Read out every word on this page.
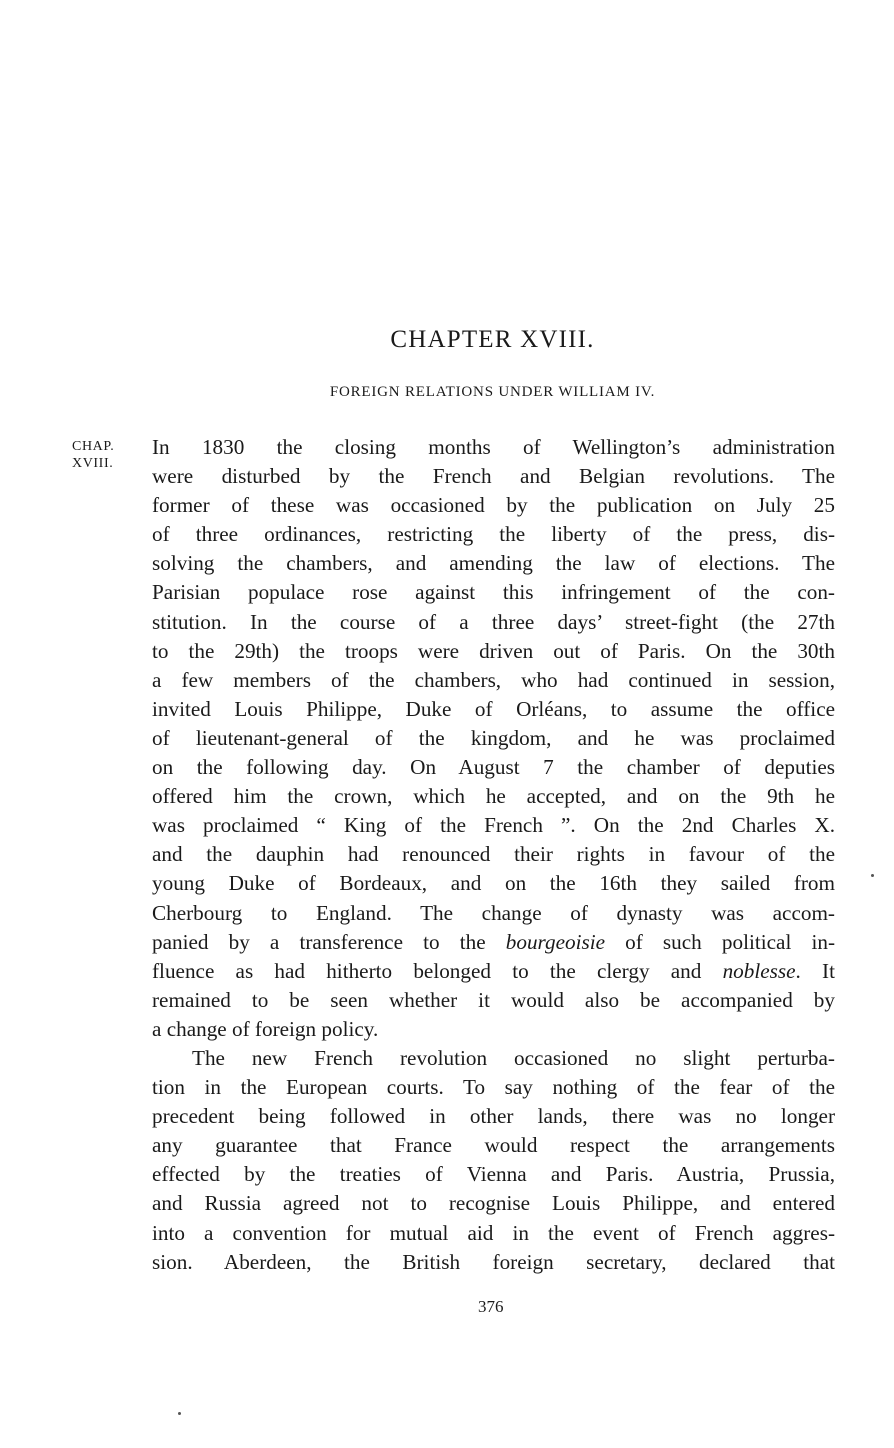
CHAPTER XVIII.
FOREIGN RELATIONS UNDER WILLIAM IV.
CHAP.
XVIII.
In 1830 the closing months of Wellington’s administration
were disturbed by the French and Belgian revolutions. The
former of these was occasioned by the publication on July 25
of three ordinances, restricting the liberty of the press, dis-
solving the chambers, and amending the law of elections. The
Parisian populace rose against this infringement of the con-
stitution. In the course of a three days’ street-fight (the 27th
to the 29th) the troops were driven out of Paris. On the 30th
a few members of the chambers, who had continued in session,
invited Louis Philippe, Duke of Orléans, to assume the office
of lieutenant-general of the kingdom, and he was proclaimed
on the following day. On August 7 the chamber of deputies
offered him the crown, which he accepted, and on the 9th he
was proclaimed “ King of the French ”. On the 2nd Charles X.
and the dauphin had renounced their rights in favour of the
young Duke of Bordeaux, and on the 16th they sailed from
Cherbourg to England. The change of dynasty was accom-
panied by a transference to the bourgeoisie of such political in-
fluence as had hitherto belonged to the clergy and noblesse. It
remained to be seen whether it would also be accompanied by
a change of foreign policy.
The new French revolution occasioned no slight perturba-
tion in the European courts. To say nothing of the fear of the
precedent being followed in other lands, there was no longer
any guarantee that France would respect the arrangements
effected by the treaties of Vienna and Paris. Austria, Prussia,
and Russia agreed not to recognise Louis Philippe, and entered
into a convention for mutual aid in the event of French aggres-
sion. Aberdeen, the British foreign secretary, declared that
376
